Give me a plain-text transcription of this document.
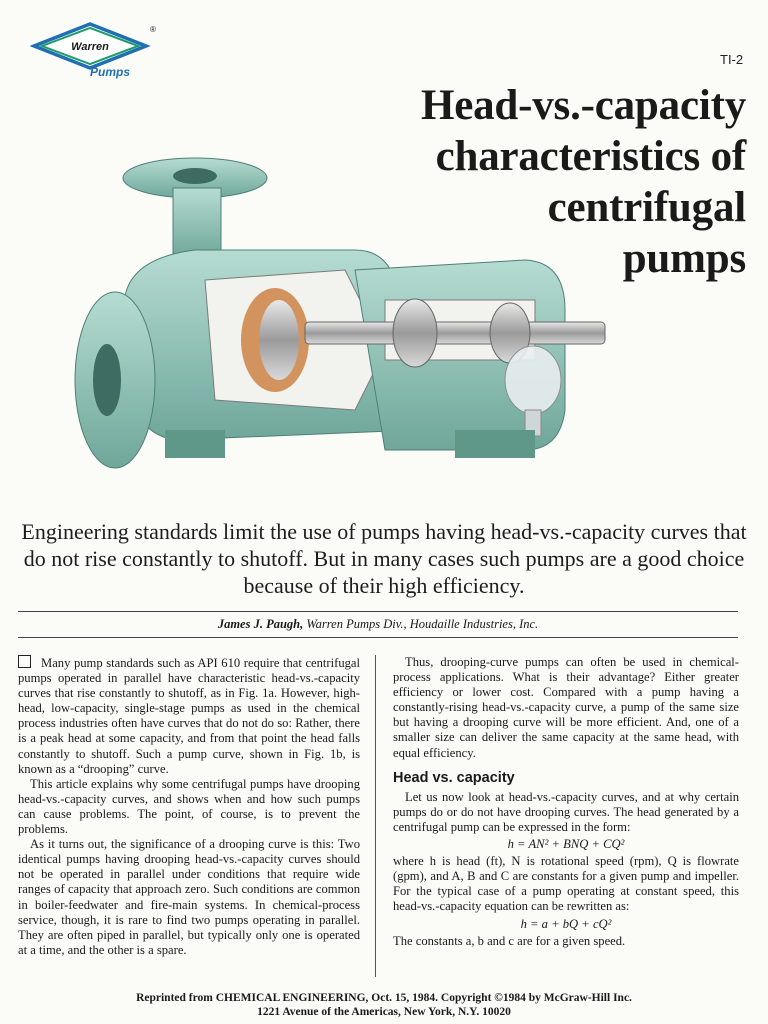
Warren
®
Pumps
TI-2
Head-vs.-capacity
characteristics of
centrifugal
pumps
Engineering standards limit the use of pumps having head-vs.-capacity curves that do not rise constantly to shutoff. But in many cases such pumps are a good choice because of their high efficiency.
James J. Paugh, Warren Pumps Div., Houdaille Industries, Inc.

Many pump standards such as API 610 require that centrifugal pumps operated in parallel have characteristic head-vs.-capacity curves that rise constantly to shutoff, as in Fig. 1a. However, high-head, low-capacity, single-stage pumps as used in the chemical process industries often have curves that do not do so: Rather, there is a peak head at some capacity, and from that point the head falls constantly to shutoff. Such a pump curve, shown in Fig. 1b, is known as a “drooping” curve.

This article explains why some centrifugal pumps have drooping head-vs.-capacity curves, and shows when and how such pumps can cause problems. The point, of course, is to prevent the problems.

As it turns out, the significance of a drooping curve is this: Two identical pumps having drooping head-vs.-capacity curves should not be operated in parallel under conditions that require wide ranges of capacity that approach zero. Such conditions are common in boiler-feedwater and fire-main systems. In chemical-process service, though, it is rare to find two pumps operating in parallel. They are often piped in parallel, but typically only one is operated at a time, and the other is a spare.

Thus, drooping-curve pumps can often be used in chemical-process applications. What is their advantage? Either greater efficiency or lower cost. Compared with a pump having a constantly-rising head-vs.-capacity curve, a pump of the same size but having a drooping curve will be more efficient. And, one of a smaller size can deliver the same capacity at the same head, with equal efficiency.

Head vs. capacity

Let us now look at head-vs.-capacity curves, and at why certain pumps do or do not have drooping curves. The head generated by a centrifugal pump can be expressed in the form:

h = AN² + BNQ + CQ²

where h is head (ft), N is rotational speed (rpm), Q is flowrate (gpm), and A, B and C are constants for a given pump and impeller. For the typical case of a pump operating at constant speed, this head-vs.-capacity equation can be rewritten as:

h = a + bQ + cQ²

The constants a, b and c are for a given speed.

Reprinted from CHEMICAL ENGINEERING, Oct. 15, 1984. Copyright ©1984 by McGraw-Hill Inc.
1221 Avenue of the Americas, New York, N.Y. 10020
